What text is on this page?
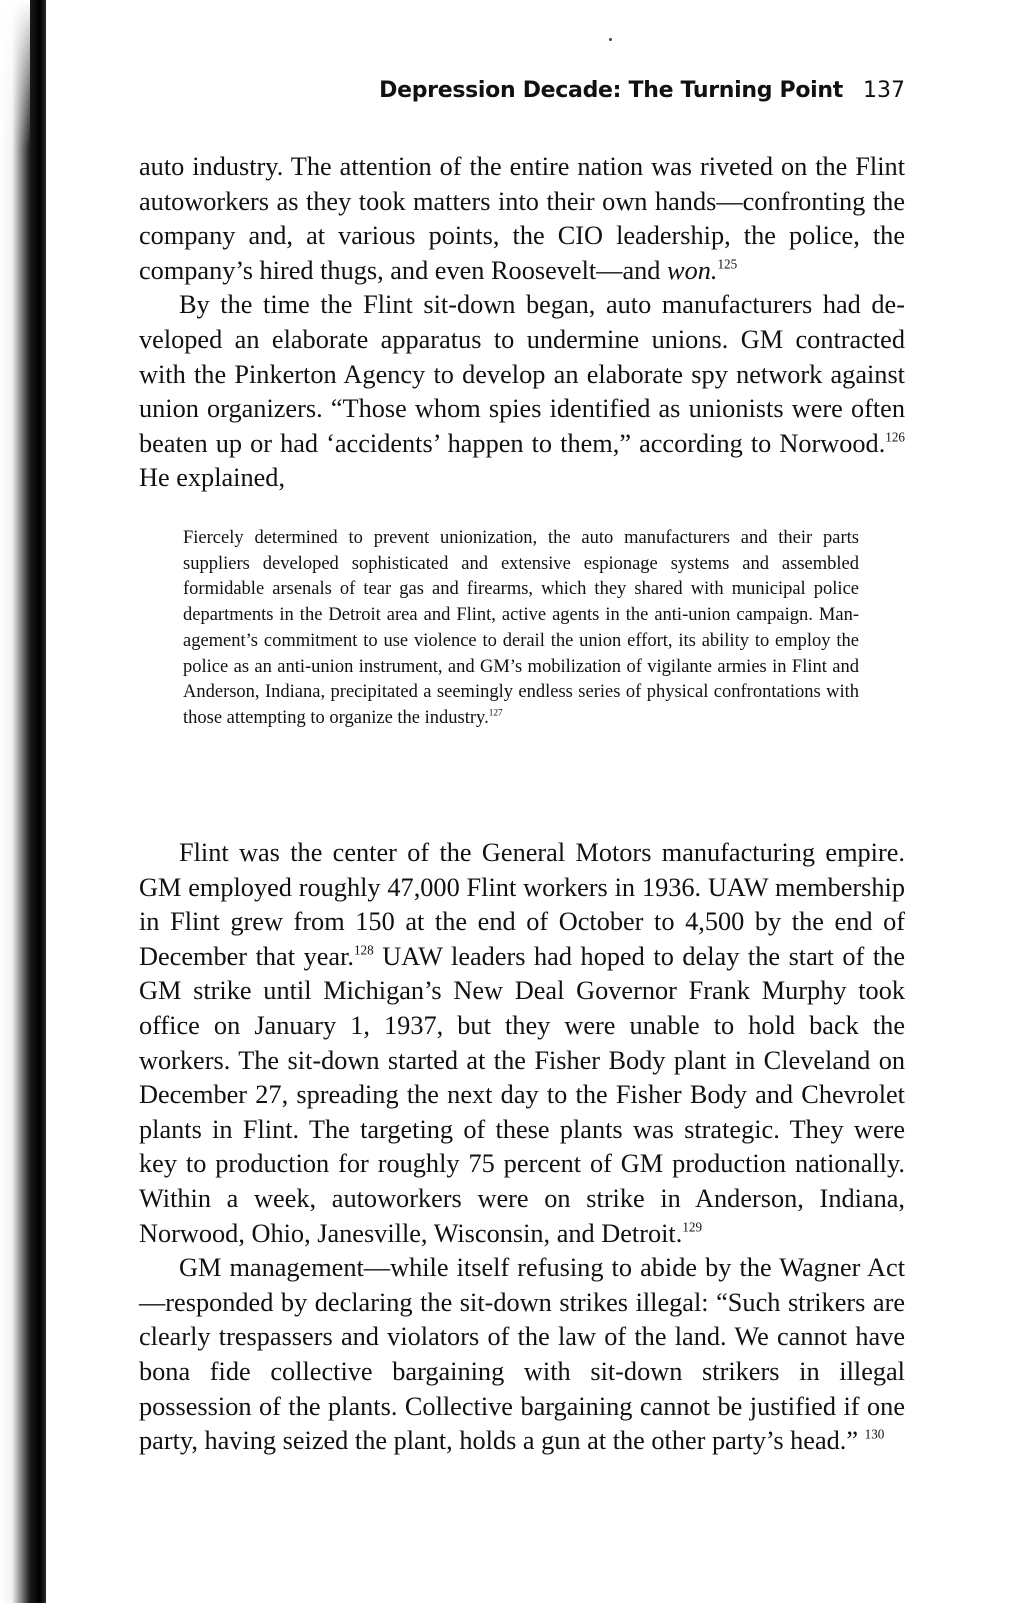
Depression Decade: The Turning Point 137

auto industry. The attention of the entire nation was riveted on the Flint autoworkers as they took matters into their own hands—confronting the company and, at various points, the CIO leadership, the police, the company’s hired thugs, and even Roosevelt—and won.$^{125}$

By the time the Flint sit-down began, auto manufacturers had developed an elaborate apparatus to undermine unions. GM contracted with the Pinkerton Agency to develop an elaborate spy network against union organizers. “Those whom spies identified as unionists were often beaten up or had ‘accidents’ happen to them,” according to Norwood.$^{126}$ He explained,

Fiercely determined to prevent unionization, the auto manufacturers and their parts suppliers developed sophisticated and extensive espionage systems and assembled formidable arsenals of tear gas and firearms, which they shared with municipal police departments in the Detroit area and Flint, active agents in the anti-union campaign. Management’s commitment to use violence to derail the union effort, its ability to employ the police as an anti-union instrument, and GM’s mobilization of vigilante armies in Flint and Anderson, Indiana, precipitated a seemingly endless series of physical confrontations with those attempting to organize the industry.$^{127}$

Flint was the center of the General Motors manufacturing empire. GM employed roughly 47,000 Flint workers in 1936. UAW membership in Flint grew from 150 at the end of October to 4,500 by the end of December that year.$^{128}$ UAW leaders had hoped to delay the start of the GM strike until Michigan’s New Deal Governor Frank Murphy took office on January 1, 1937, but they were unable to hold back the workers. The sit-down started at the Fisher Body plant in Cleveland on December 27, spreading the next day to the Fisher Body and Chevrolet plants in Flint. The targeting of these plants was strategic. They were key to production for roughly 75 percent of GM production nationally. Within a week, autoworkers were on strike in Anderson, Indiana, Norwood, Ohio, Janesville, Wisconsin, and Detroit.$^{129}$

GM management—while itself refusing to abide by the Wagner Act—responded by declaring the sit-down strikes illegal: “Such strikers are clearly trespassers and violators of the law of the land. We cannot have bona fide collective bargaining with sit-down strikers in illegal possession of the plants. Collective bargaining cannot be justified if one party, having seized the plant, holds a gun at the other party’s head.” $^{130}$
